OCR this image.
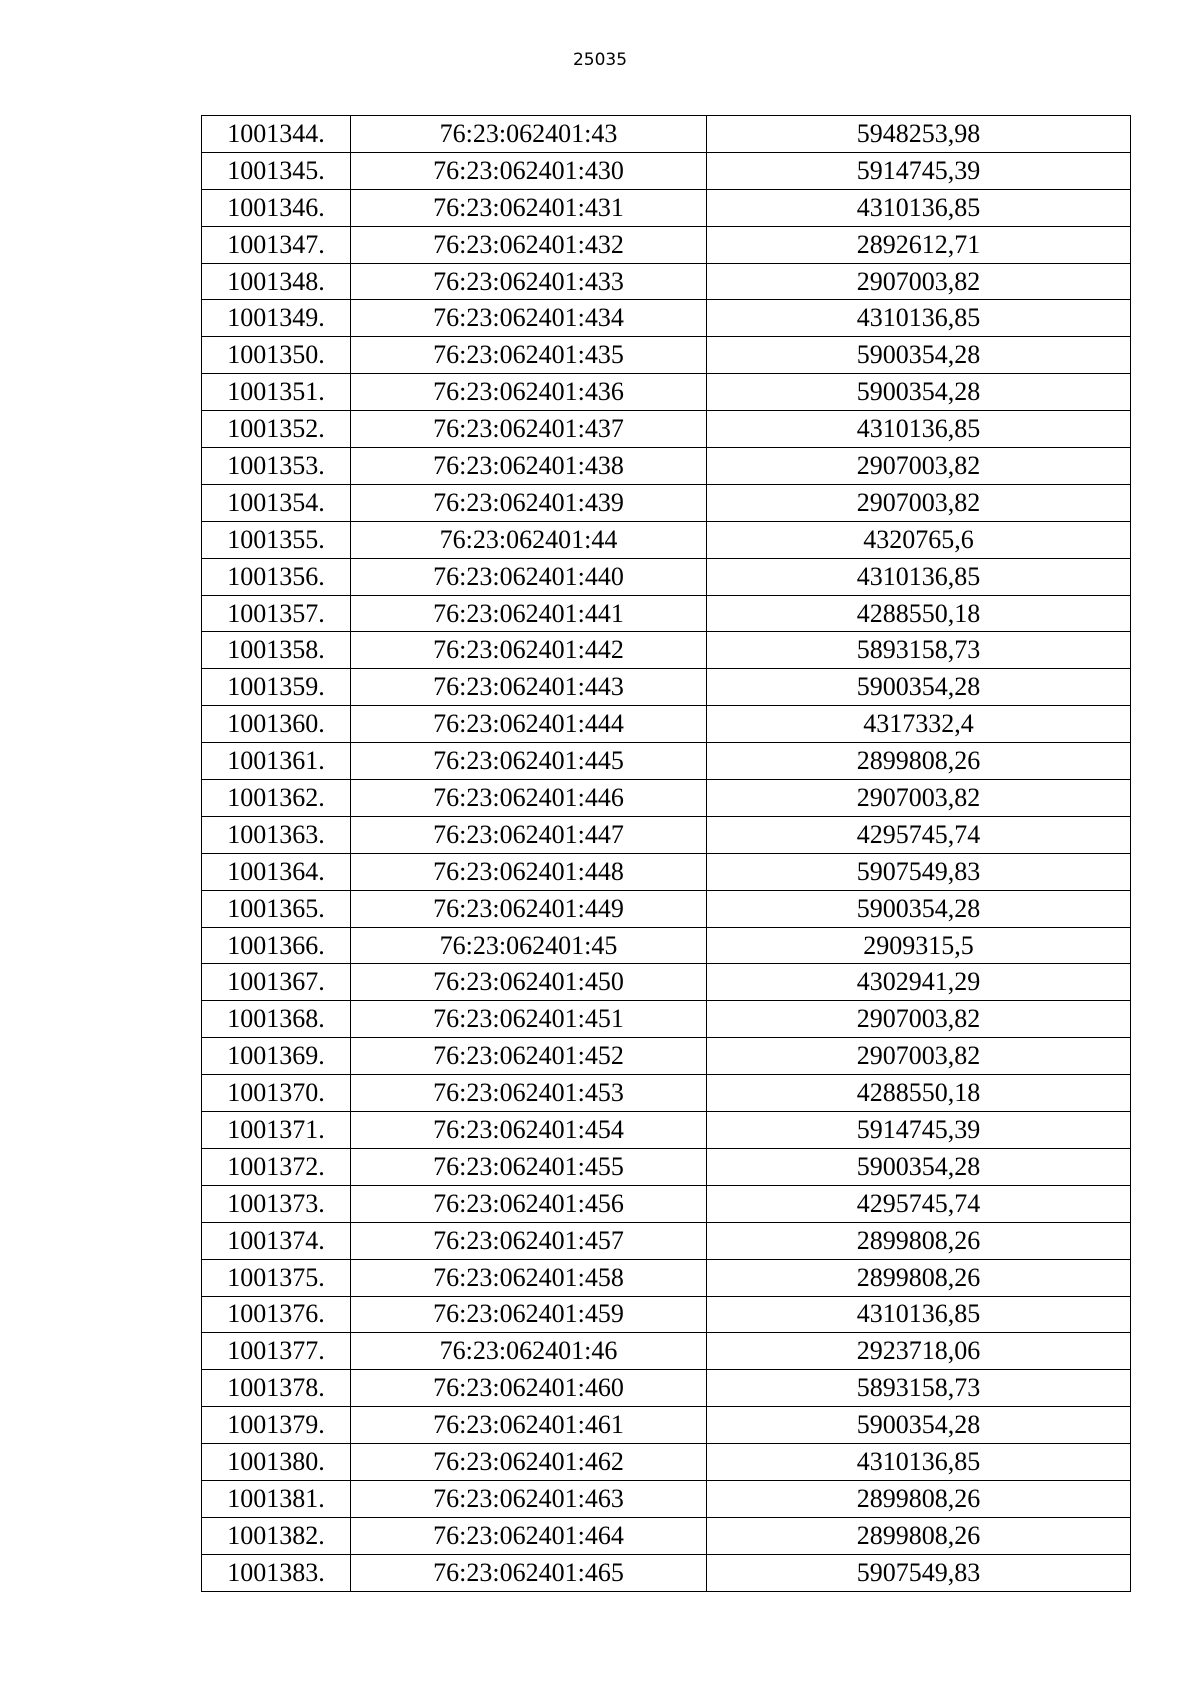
25035
1001344.	76:23:062401:43	5948253,98
1001345.	76:23:062401:430	5914745,39
1001346.	76:23:062401:431	4310136,85
1001347.	76:23:062401:432	2892612,71
1001348.	76:23:062401:433	2907003,82
1001349.	76:23:062401:434	4310136,85
1001350.	76:23:062401:435	5900354,28
1001351.	76:23:062401:436	5900354,28
1001352.	76:23:062401:437	4310136,85
1001353.	76:23:062401:438	2907003,82
1001354.	76:23:062401:439	2907003,82
1001355.	76:23:062401:44	4320765,6
1001356.	76:23:062401:440	4310136,85
1001357.	76:23:062401:441	4288550,18
1001358.	76:23:062401:442	5893158,73
1001359.	76:23:062401:443	5900354,28
1001360.	76:23:062401:444	4317332,4
1001361.	76:23:062401:445	2899808,26
1001362.	76:23:062401:446	2907003,82
1001363.	76:23:062401:447	4295745,74
1001364.	76:23:062401:448	5907549,83
1001365.	76:23:062401:449	5900354,28
1001366.	76:23:062401:45	2909315,5
1001367.	76:23:062401:450	4302941,29
1001368.	76:23:062401:451	2907003,82
1001369.	76:23:062401:452	2907003,82
1001370.	76:23:062401:453	4288550,18
1001371.	76:23:062401:454	5914745,39
1001372.	76:23:062401:455	5900354,28
1001373.	76:23:062401:456	4295745,74
1001374.	76:23:062401:457	2899808,26
1001375.	76:23:062401:458	2899808,26
1001376.	76:23:062401:459	4310136,85
1001377.	76:23:062401:46	2923718,06
1001378.	76:23:062401:460	5893158,73
1001379.	76:23:062401:461	5900354,28
1001380.	76:23:062401:462	4310136,85
1001381.	76:23:062401:463	2899808,26
1001382.	76:23:062401:464	2899808,26
1001383.	76:23:062401:465	5907549,83
